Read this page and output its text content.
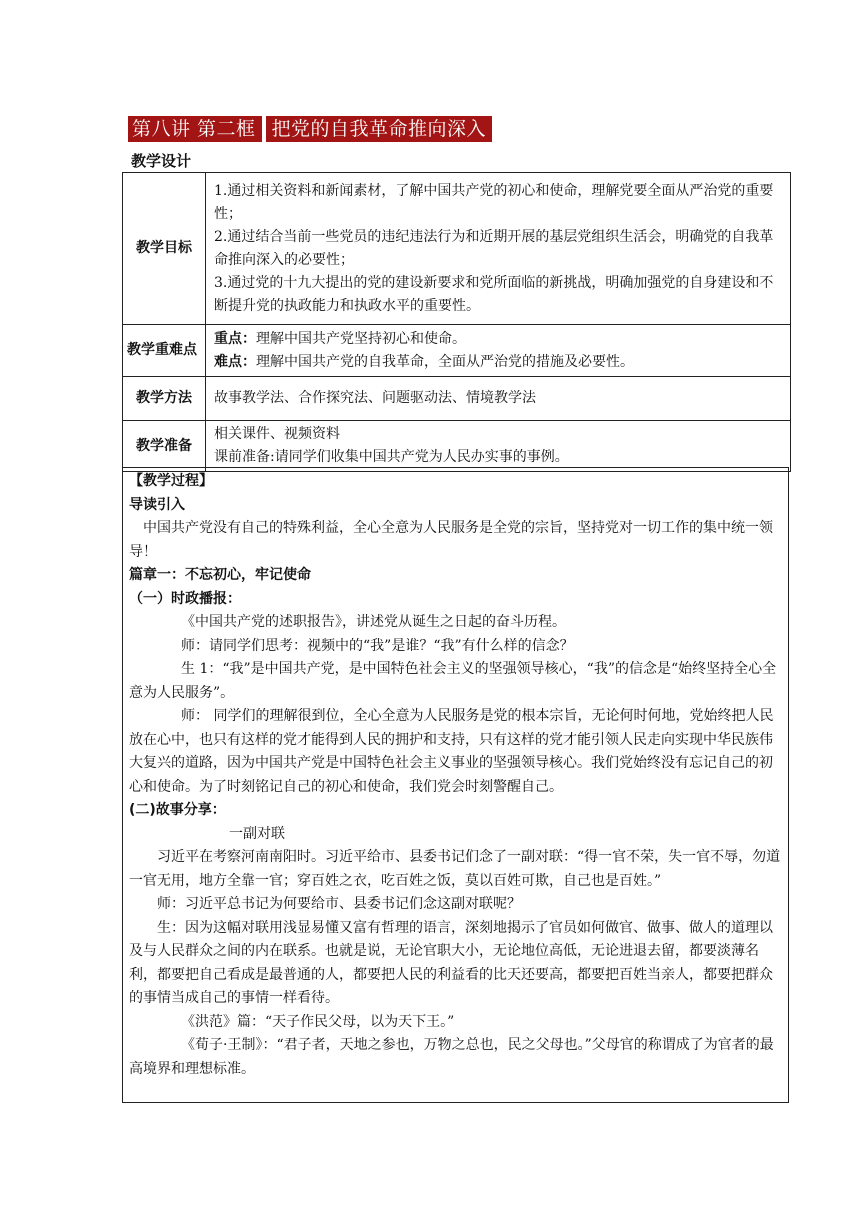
第八讲 第二框 把党的自我革命推向深入
教学设计
教学目标	1.通过相关资料和新闻素材，了解中国共产党的初心和使命，理解党要全面从严治党的重要性；
2.通过结合当前一些党员的违纪违法行为和近期开展的基层党组织生活会，明确党的自我革命推向深入的必要性；
3.通过党的十九大提出的党的建设新要求和党所面临的新挑战，明确加强党的自身建设和不断提升党的执政能力和执政水平的重要性。

教学重难点	重点：理解中国共产党坚持初心和使命。
难点：理解中国共产党的自我革命，全面从严治党的措施及必要性。

教学方法	故事教学法、合作探究法、问题驱动法、情境教学法
教学准备	相关课件、视频资料
课前准备:请同学们收集中国共产党为人民办实事的事例。

【教学过程】

导读引入

中国共产党没有自己的特殊利益，全心全意为人民服务是全党的宗旨，坚持党对一切工作的集中统一领导！

篇章一：不忘初心，牢记使命

（一）时政播报：

《中国共产党的述职报告》，讲述党从诞生之日起的奋斗历程。

师：请同学们思考：视频中的“我”是谁？“我”有什么样的信念？

生 1：“我”是中国共产党，是中国特色社会主义的坚强领导核心，“我”的信念是“始终坚持全心全意为人民服务”。

师： 同学们的理解很到位，全心全意为人民服务是党的根本宗旨，无论何时何地，党始终把人民放在心中，也只有这样的党才能得到人民的拥护和支持，只有这样的党才能引领人民走向实现中华民族伟大复兴的道路，因为中国共产党是中国特色社会主义事业的坚强领导核心。我们党始终没有忘记自己的初心和使命。为了时刻铭记自己的初心和使命，我们党会时刻警醒自己。

(二)故事分享：

一副对联

习近平在考察河南南阳时。习近平给市、县委书记们念了一副对联：“得一官不荣，失一官不辱，勿道一官无用，地方全靠一官；穿百姓之衣，吃百姓之饭，莫以百姓可欺，自己也是百姓。”

师：习近平总书记为何要给市、县委书记们念这副对联呢？

生：因为这幅对联用浅显易懂又富有哲理的语言，深刻地揭示了官员如何做官、做事、做人的道理以及与人民群众之间的内在联系。也就是说，无论官职大小，无论地位高低，无论进退去留，都要淡薄名利，都要把自己看成是最普通的人，都要把人民的利益看的比天还要高，都要把百姓当亲人，都要把群众的事情当成自己的事情一样看待。

《洪范》篇：“天子作民父母，以为天下王。”

《荀子·王制》：“君子者，天地之参也，万物之总也，民之父母也。”父母官的称谓成了为官者的最高境界和理想标准。
